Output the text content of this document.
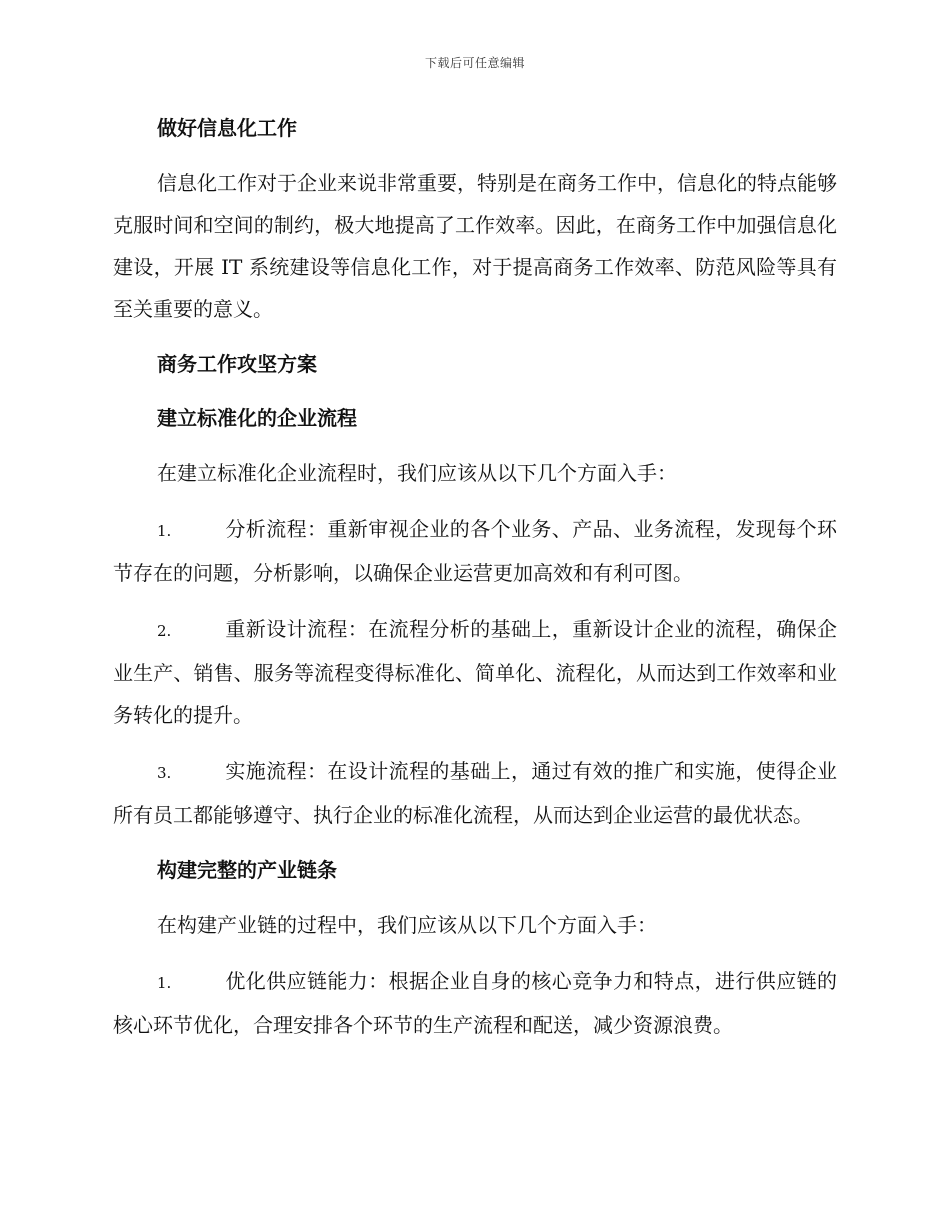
下载后可任意编辑
做好信息化工作
信息化工作对于企业来说非常重要，特别是在商务工作中，信息化的特点能够克服时间和空间的制约，极大地提高了工作效率。因此，在商务工作中加强信息化建设，开展 IT 系统建设等信息化工作，对于提高商务工作效率、防范风险等具有至关重要的意义。
商务工作攻坚方案
建立标准化的企业流程
在建立标准化企业流程时，我们应该从以下几个方面入手：
1.	分析流程：重新审视企业的各个业务、产品、业务流程，发现每个环节存在的问题，分析影响，以确保企业运营更加高效和有利可图。
2.	重新设计流程：在流程分析的基础上，重新设计企业的流程，确保企业生产、销售、服务等流程变得标准化、简单化、流程化，从而达到工作效率和业务转化的提升。
3.	实施流程：在设计流程的基础上，通过有效的推广和实施，使得企业所有员工都能够遵守、执行企业的标准化流程，从而达到企业运营的最优状态。
构建完整的产业链条
在构建产业链的过程中，我们应该从以下几个方面入手：
1.	优化供应链能力：根据企业自身的核心竞争力和特点，进行供应链的核心环节优化，合理安排各个环节的生产流程和配送，减少资源浪费。
